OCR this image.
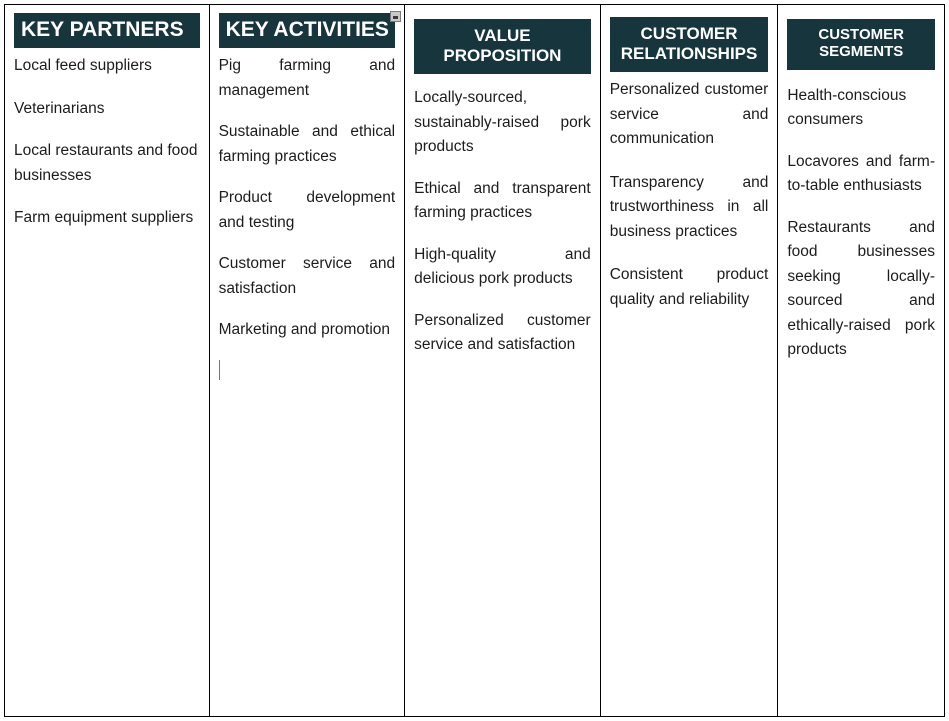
KEY PARTNERS

Local feed suppliers

Veterinarians

Local restaurants and food businesses

Farm equipment suppliers

KEY ACTIVITIES

Pig farming and management

Sustainable and ethical farming practices

Product development and testing

Customer service and satisfaction

Marketing and promotion

VALUE PROPOSITION

Locally-sourced, sustainably-raised pork products

Ethical and transparent farming practices

High-quality and delicious pork products

Personalized customer service and satisfaction

CUSTOMER RELATIONSHIPS

Personalized customer service and communication

Transparency and trustworthiness in all business practices

Consistent product quality and reliability

CUSTOMER SEGMENTS

Health-conscious consumers

Locavores and farm-to-table enthusiasts

Restaurants and food businesses seeking locally-sourced and ethically-raised pork products
